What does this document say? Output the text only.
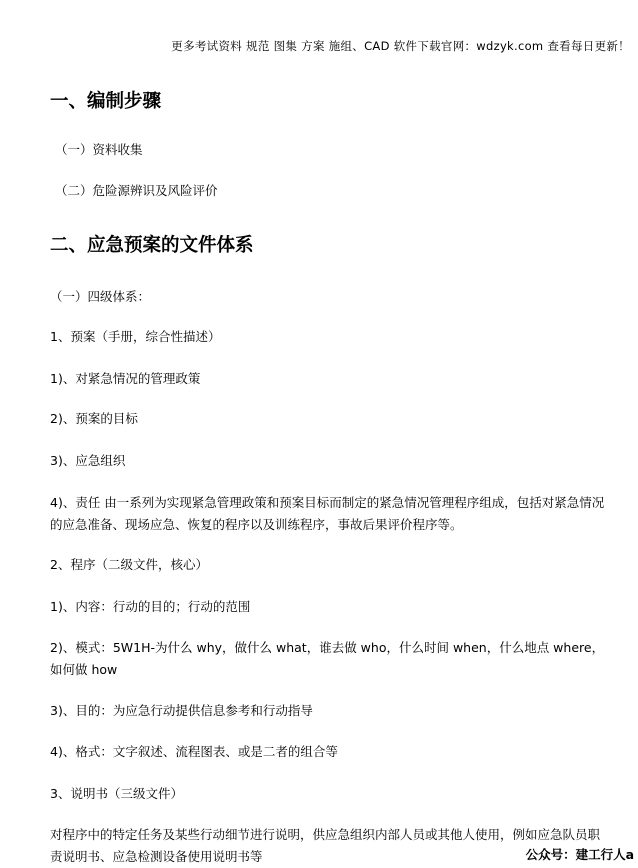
更多考试资料 规范 图集 方案 施组、CAD 软件下载官网：wdzyk.com 查看每日更新！
一、编制步骤
（一）资料收集
（二）危险源辨识及风险评价
二、应急预案的文件体系
（一）四级体系：
1、预案（手册，综合性描述）
1)、对紧急情况的管理政策
2)、预案的目标
3)、应急组织
4)、责任 由一系列为实现紧急管理政策和预案目标而制定的紧急情况管理程序组成，包括对紧急情况的应急准备、现场应急、恢复的程序以及训练程序，事故后果评价程序等。
2、程序（二级文件，核心）
1)、内容：行动的目的；行动的范围
2)、模式：5W1H-为什么 why，做什么 what，谁去做 who，什么时间 when，什么地点 where，如何做 how
3)、目的：为应急行动提供信息参考和行动指导
4)、格式：文字叙述、流程图表、或是二者的组合等
3、说明书（三级文件）
对程序中的特定任务及某些行动细节进行说明，供应急组织内部人员或其他人使用，例如应急队员职责说明书、应急检测设备使用说明书等	公众号：建工行人a
